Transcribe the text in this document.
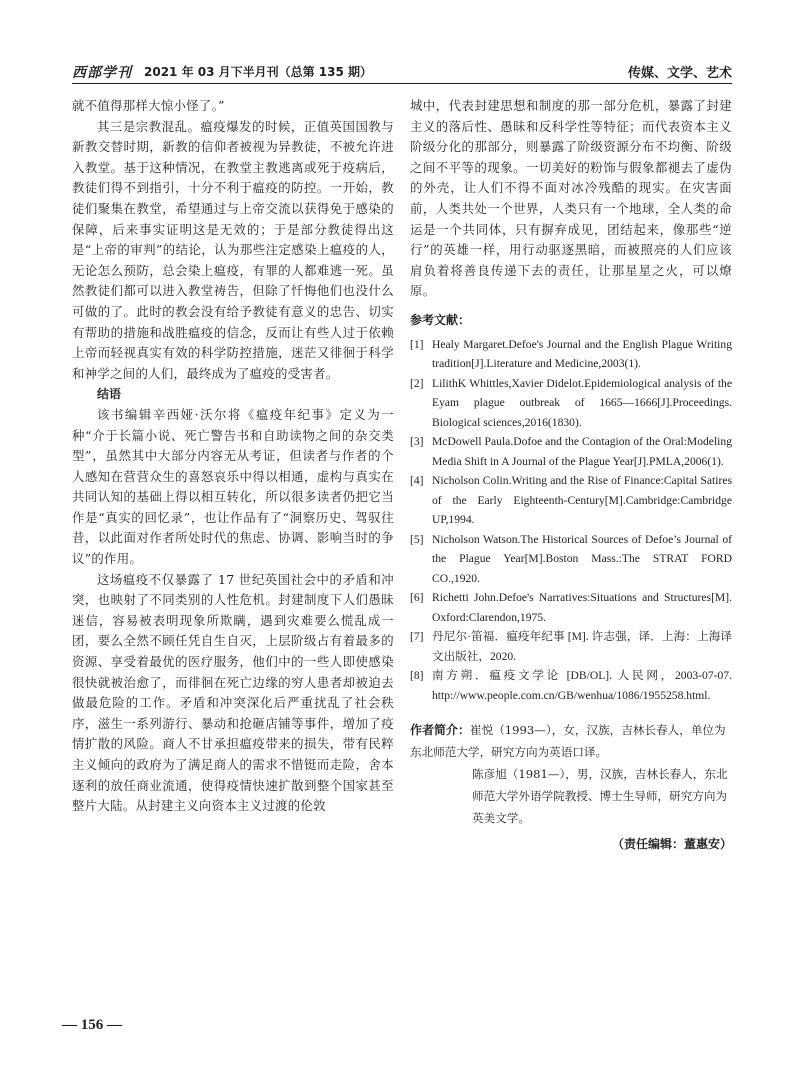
西部学刊 2021 年 03 月下半月刊（总第 135 期）	传媒、文学、艺术

就不值得那样大惊小怪了。”

其三是宗教混乱。瘟疫爆发的时候，正值英国国教与新教交替时期，新教的信仰者被视为异教徒，不被允许进入教堂。基于这种情况，在教堂主教逃离或死于疫病后，教徒们得不到指引，十分不利于瘟疫的防控。一开始，教徒们聚集在教堂，希望通过与上帝交流以获得免于感染的保障，后来事实证明这是无效的；于是部分教徒得出这是“上帝的审判”的结论，认为那些注定感染上瘟疫的人，无论怎么预防，总会染上瘟疫，有罪的人都难逃一死。虽然教徒们都可以进入教堂祷告，但除了忏悔他们也没什么可做的了。此时的教会没有给予教徒有意义的忠告、切实有帮助的措施和战胜瘟疫的信念，反而让有些人过于依赖上帝而轻视真实有效的科学防控措施，迷茫又徘徊于科学和神学之间的人们，最终成为了瘟疫的受害者。

结语

该书编辑辛西娅·沃尔将《瘟疫年纪事》定义为一种“介于长篇小说、死亡警告书和自助读物之间的杂交类型”，虽然其中大部分内容无从考证，但读者与作者的个人感知在营营众生的喜怒哀乐中得以相通，虚构与真实在共同认知的基础上得以相互转化，所以很多读者仍把它当作是“真实的回忆录”，也让作品有了“洞察历史、驾驭往昔，以此面对作者所处时代的焦虑、协调、影响当时的争议”的作用。

这场瘟疫不仅暴露了 17 世纪英国社会中的矛盾和冲突，也映射了不同类别的人性危机。封建制度下人们愚昧迷信，容易被表明现象所欺瞒，遇到灾难要么慌乱成一团，要么全然不顾任凭自生自灭，上层阶级占有着最多的资源、享受着最优的医疗服务，他们中的一些人即使感染很快就被治愈了，而徘徊在死亡边缘的穷人患者却被迫去做最危险的工作。矛盾和冲突深化后严重扰乱了社会秩序，滋生一系列游行、暴动和抢砸店铺等事件，增加了疫情扩散的风险。商人不甘承担瘟疫带来的损失，带有民粹主义倾向的政府为了满足商人的需求不惜铤而走险，舍本逐利的放任商业流通，使得疫情快速扩散到整个国家甚至整片大陆。从封建主义向资本主义过渡的伦敦

城中，代表封建思想和制度的那一部分危机，暴露了封建主义的落后性、愚昧和反科学性等特征；而代表资本主义阶级分化的那部分，则暴露了阶级资源分布不均衡、阶级之间不平等的现象。一切美好的粉饰与假象都褪去了虚伪的外壳，让人们不得不面对冰冷残酷的现实。在灾害面前，人类共处一个世界，人类只有一个地球，全人类的命运是一个共同体，只有摒弃成见，团结起来，像那些“逆行”的英雄一样，用行动驱逐黑暗，而被照亮的人们应该肩负着将善良传递下去的责任，让那星星之火，可以燎原。

参考文献：

[1] Healy Margaret.Defoe's Journal and the English Plague Writing tradition[J].Literature and Medicine,2003(1).

[2] LilithK Whittles,Xavier Didelot.Epidemiological analysis of the Eyam plague outbreak of 1665—1666[J].Proceedings. Biological sciences,2016(1830).

[3] McDowell Paula.Dofoe and the Contagion of the Oral:Modeling Media Shift in A Journal of the Plague Year[J].PMLA,2006(1).

[4] Nicholson Colin.Writing and the Rise of Finance:Capital Satires of the Early Eighteenth-Century[M].Cambridge:Cambridge UP,1994.

[5] Nicholson Watson.The Historical Sources of Defoe’s Journal of the Plague Year[M].Boston Mass.:The STRAT FORD CO.,1920.

[6] Richetti John.Defoe's Narratives:Situations and Structures[M]. Oxford:Clarendon,1975.

[7] 丹尼尔·笛福．瘟疫年纪事 [M]. 许志强，译．上海：上海译文出版社，2020.

[8] 南方朔．瘟疫文学论 [DB/OL]. 人民网，2003-07-07. http://www.people.com.cn/GB/wenhua/1086/1955258.html.

作者简介：崔悦（1993—），女，汉族，吉林长春人，单位为东北师范大学，研究方向为英语口译。

陈彦旭（1981—），男，汉族，吉林长春人，东北师范大学外语学院教授、博士生导师，研究方向为英美文学。

（责任编辑：董惠安）

— 156 —
